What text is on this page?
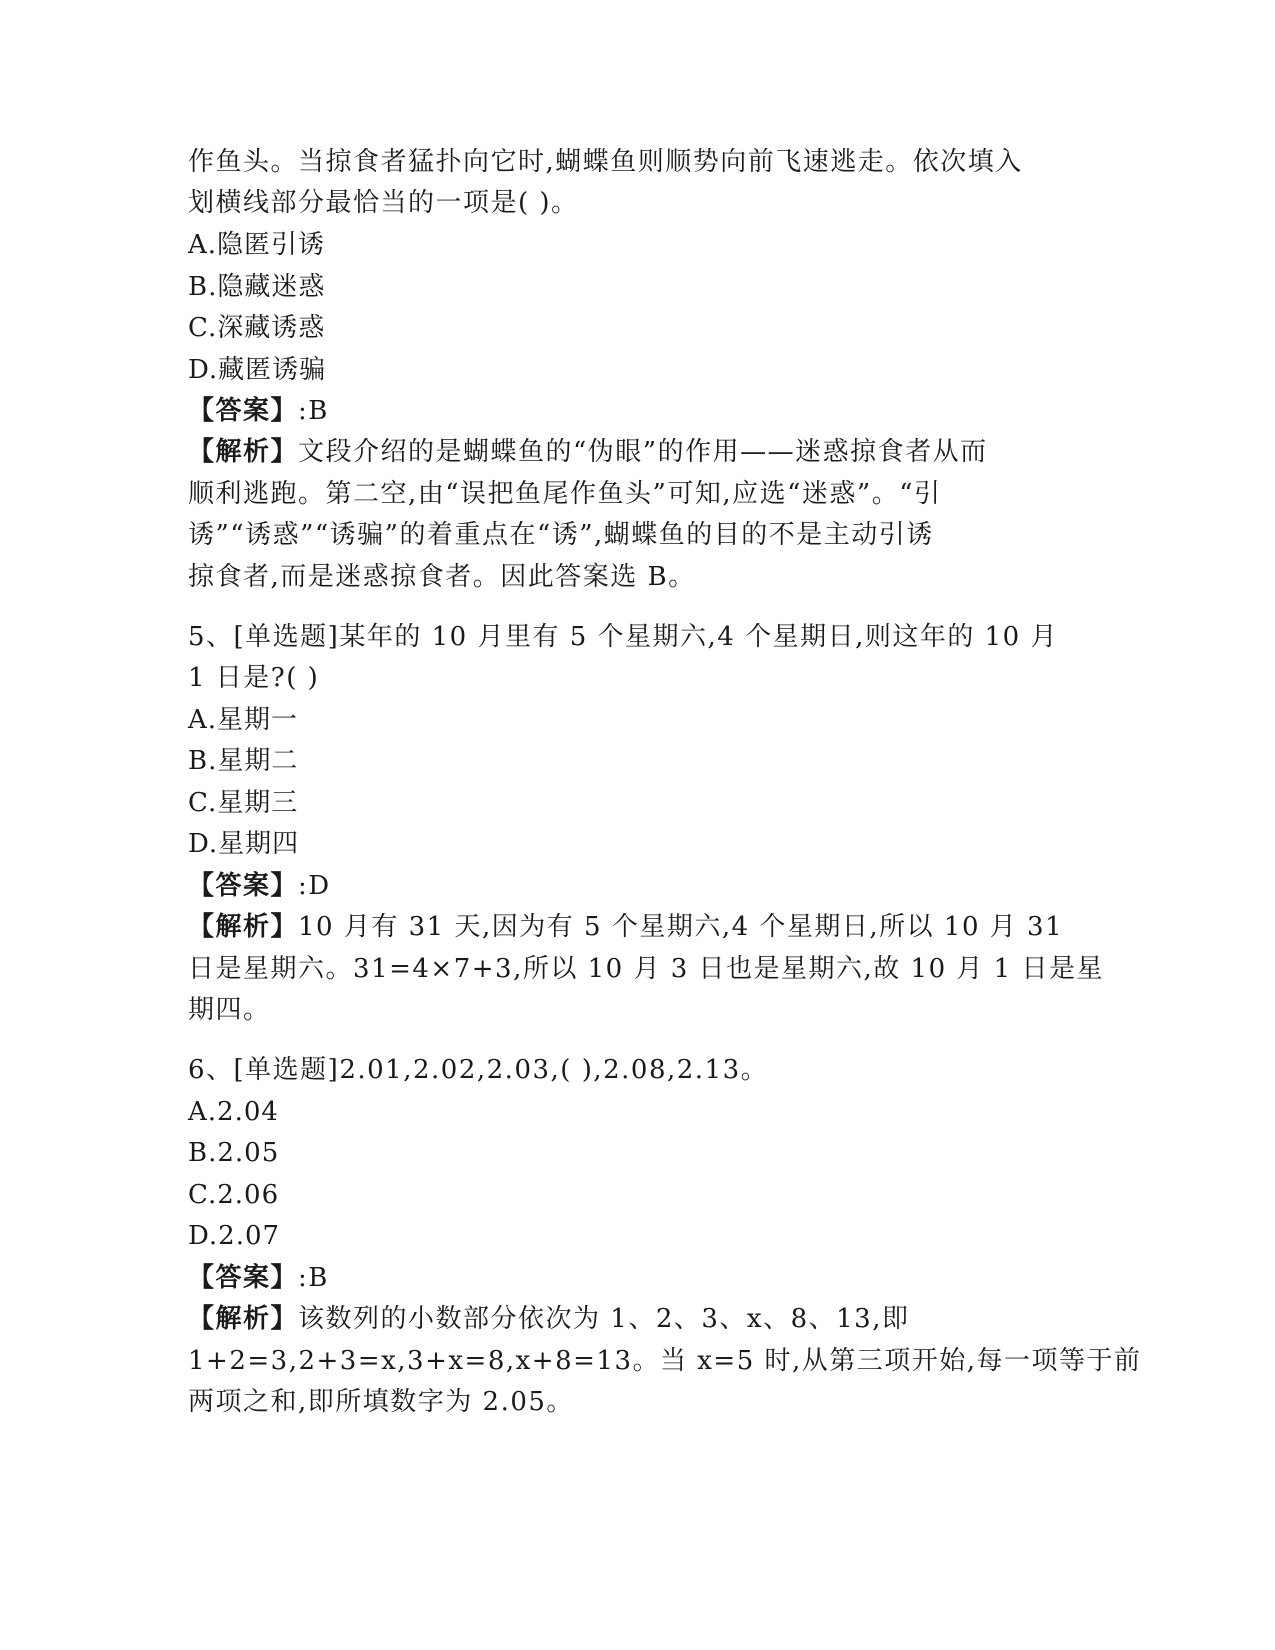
作鱼头。当掠食者猛扑向它时,蝴蝶鱼则顺势向前飞速逃走。依次填入
划横线部分最恰当的一项是( )。
A.隐匿引诱
B.隐藏迷惑
C.深藏诱惑
D.藏匿诱骗
【答案】:B
【解析】文段介绍的是蝴蝶鱼的“伪眼”的作用——迷惑掠食者从而
顺利逃跑。第二空,由“误把鱼尾作鱼头”可知,应选“迷惑”。“引
诱”“诱惑”“诱骗”的着重点在“诱”,蝴蝶鱼的目的不是主动引诱
掠食者,而是迷惑掠食者。因此答案选 B。
5、[单选题]某年的 10 月里有 5 个星期六,4 个星期日,则这年的 10 月
1 日是?( )
A.星期一
B.星期二
C.星期三
D.星期四
【答案】:D
【解析】10 月有 31 天,因为有 5 个星期六,4 个星期日,所以 10 月 31
日是星期六。31=4×7+3,所以 10 月 3 日也是星期六,故 10 月 1 日是星
期四。
6、[单选题]2.01,2.02,2.03,( ),2.08,2.13。
A.2.04
B.2.05
C.2.06
D.2.07
【答案】:B
【解析】该数列的小数部分依次为 1、2、3、x、8、13,即
1+2=3,2+3=x,3+x=8,x+8=13。当 x=5 时,从第三项开始,每一项等于前
两项之和,即所填数字为 2.05。
